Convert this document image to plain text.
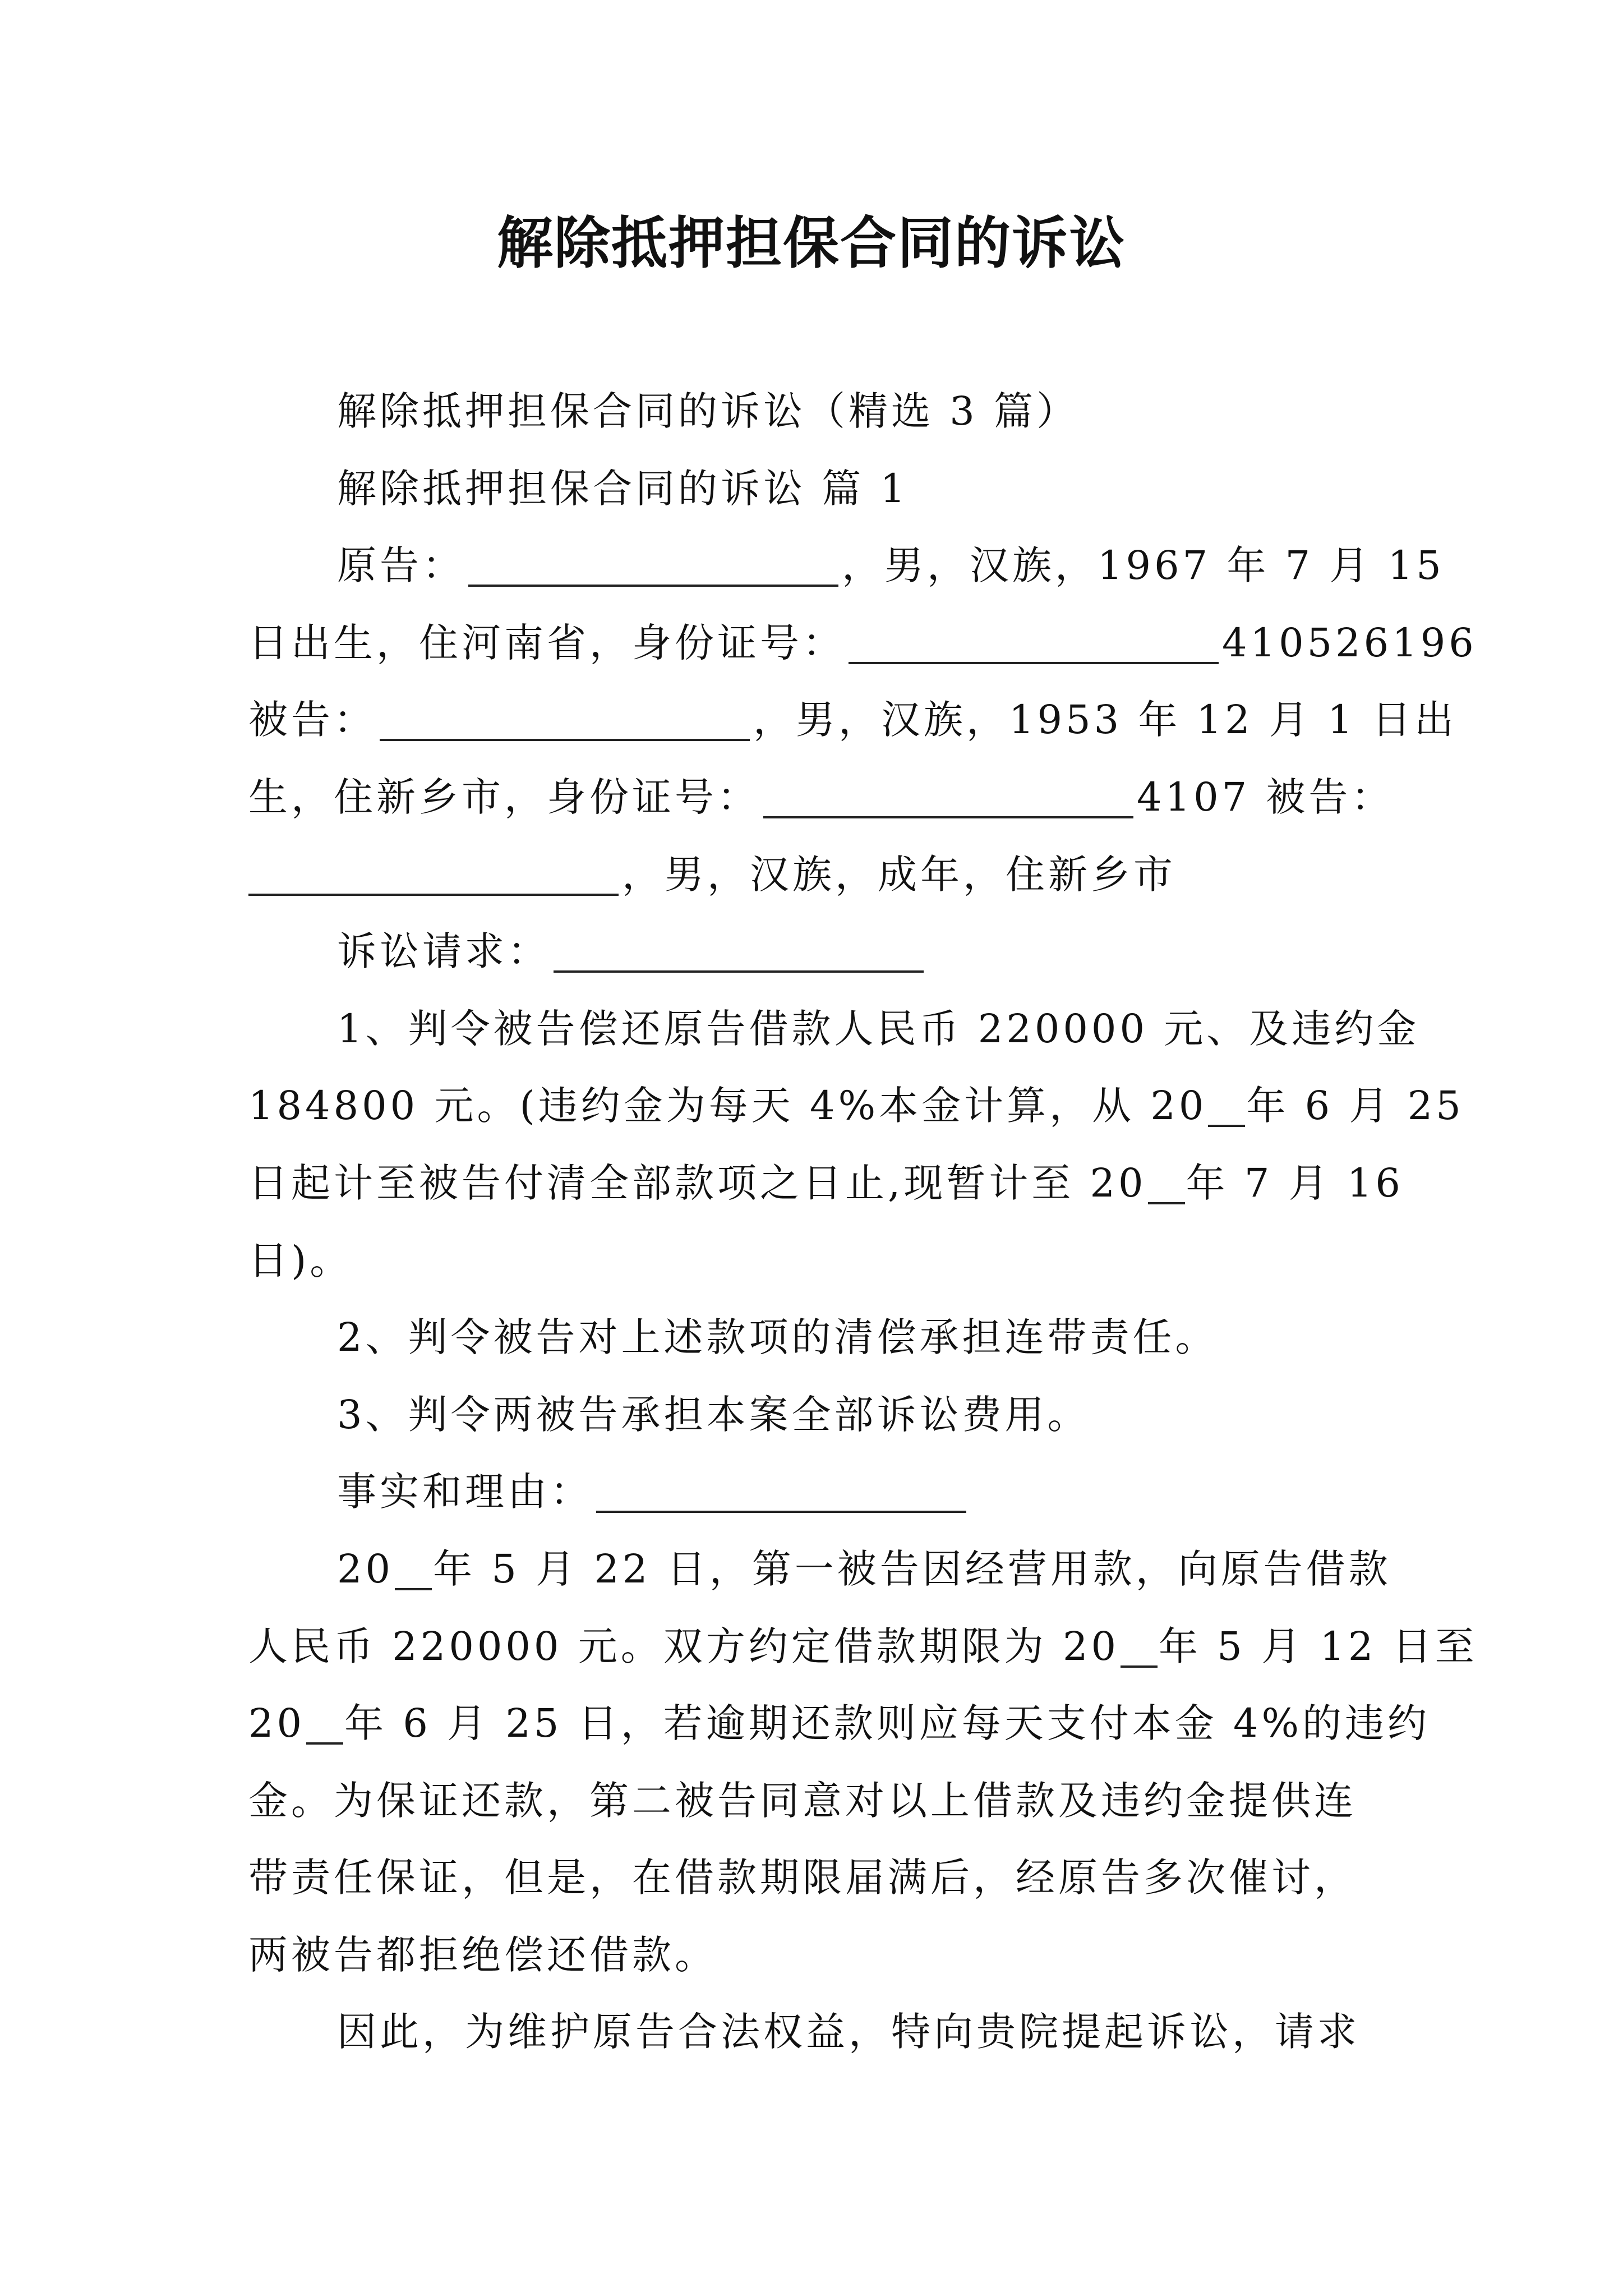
解除抵押担保合同的诉讼

解除抵押担保合同的诉讼（精选 3 篇）

解除抵押担保合同的诉讼 篇 1

原告：	，男，汉族，1967 年 7 月 15

日出生，住河南省，身份证号：	410526196

被告：	，男，汉族，1953 年 12 月 1 日出

生，住新乡市，身份证号：	4107 被告：

，男，汉族，成年，住新乡市

诉讼请求：

1、判令被告偿还原告借款人民币 220000 元、及违约金

184800 元。(违约金为每天 4%本金计算，从 20 年 6 月 25

日起计至被告付清全部款项之日止,现暂计至 20 年 7 月 16

日)。

2、判令被告对上述款项的清偿承担连带责任。

3、判令两被告承担本案全部诉讼费用。

事实和理由：

20 年 5 月 22 日，第一被告因经营用款，向原告借款

人民币 220000 元。双方约定借款期限为 20 年 5 月 12 日至

20 年 6 月 25 日，若逾期还款则应每天支付本金 4%的违约

金。为保证还款，第二被告同意对以上借款及违约金提供连

带责任保证，但是，在借款期限届满后，经原告多次催讨，

两被告都拒绝偿还借款。

因此，为维护原告合法权益，特向贵院提起诉讼，请求
